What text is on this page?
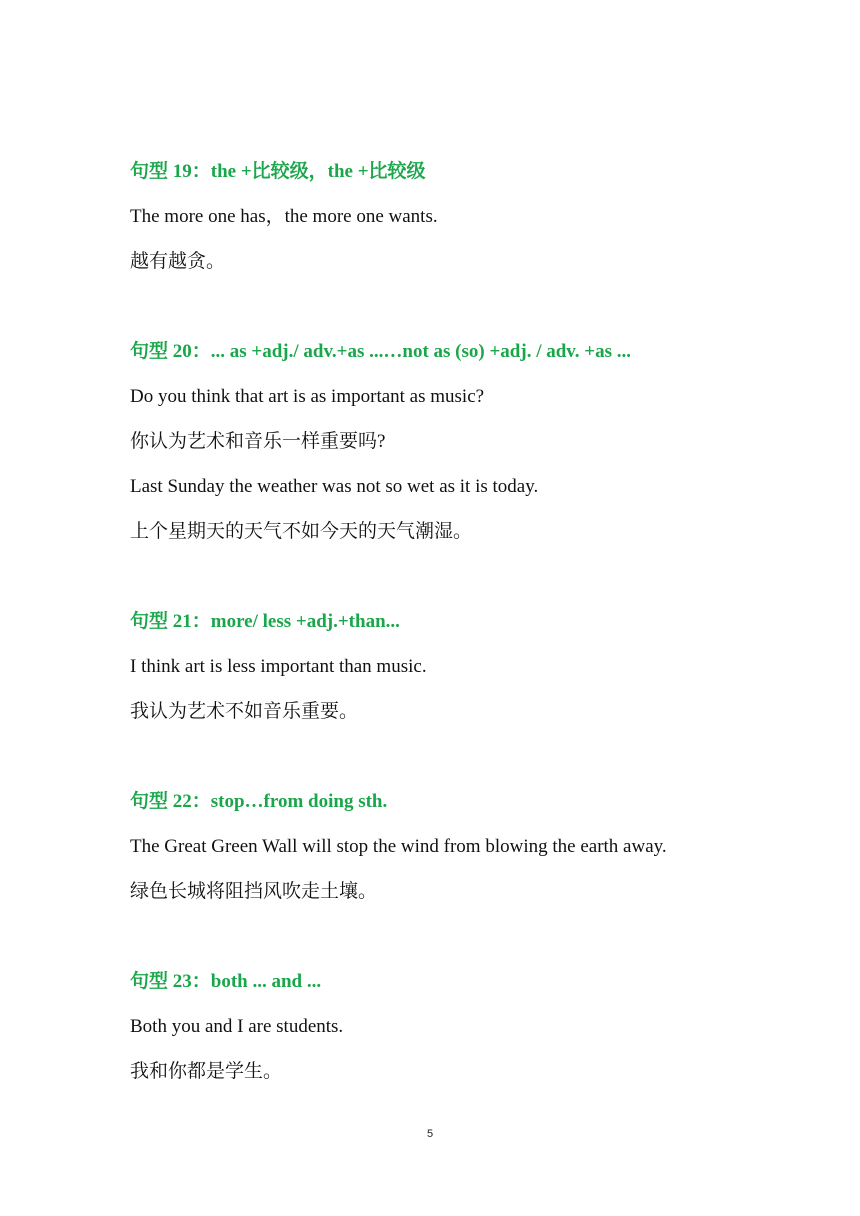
句型 19：the +比较级，the +比较级
The more one has，the more one wants.
越有越贪。
句型 20：... as +adj./ adv.+as ...…not as (so) +adj. / adv. +as ...
Do you think that art is as important as music?
你认为艺术和音乐一样重要吗?
Last Sunday the weather was not so wet as it is today.
上个星期天的天气不如今天的天气潮湿。
句型 21：more/ less +adj.+than...
I think art is less important than music.
我认为艺术不如音乐重要。
句型 22：stop…from doing sth.
The Great Green Wall will stop the wind from blowing the earth away.
绿色长城将阻挡风吹走土壤。
句型 23：both ... and ...
Both you and I are students.
我和你都是学生。
5
